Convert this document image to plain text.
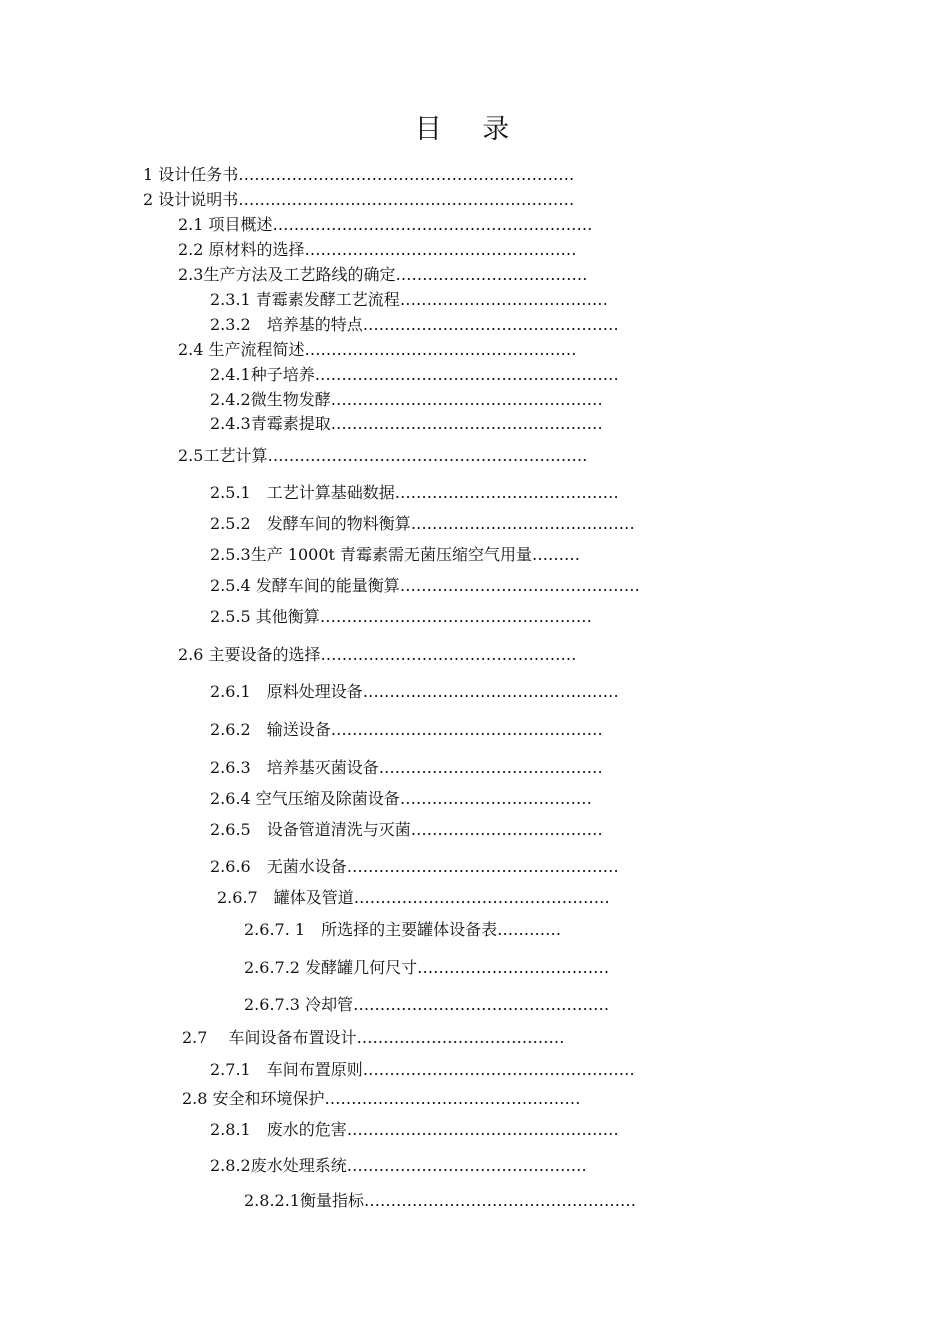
目 录
1 设计任务书………………………………………………………
2 设计说明书………………………………………………………
2.1 项目概述……………………………………………………
2.2 原材料的选择……………………………………………
2.3生产方法及工艺路线的确定………………………………
2.3.1 青霉素发酵工艺流程…………………………………
2.3.2　培养基的特点…………………………………………
2.4 生产流程简述……………………………………………
2.4.1种子培养…………………………………………………
2.4.2微生物发酵……………………………………………
2.4.3青霉素提取……………………………………………
2.5工艺计算……………………………………………………
2.5.1　工艺计算基础数据……………………………………
2.5.2　发酵车间的物料衡算……………………………………
2.5.3生产 1000t 青霉素需无菌压缩空气用量………
2.5.4 发酵车间的能量衡算………………………………………
2.5.5 其他衡算……………………………………………
2.6 主要设备的选择…………………………………………
2.6.1　原料处理设备…………………………………………
2.6.2　输送设备……………………………………………
2.6.3　培养基灭菌设备……………………………………
2.6.4 空气压缩及除菌设备………………………………
2.6.5　设备管道清洗与灭菌………………………………
2.6.6　无菌水设备……………………………………………
2.6.7　罐体及管道…………………………………………
2.6.7. 1　所选择的主要罐体设备表…………
2.6.7.2 发酵罐几何尺寸………………………………
2.6.7.3 冷却管…………………………………………
2.7　 车间设备布置设计…………………………………
2.7.1　车间布置原则……………………………………………
2.8 安全和环境保护…………………………………………
2.8.1　废水的危害……………………………………………
2.8.2废水处理系统………………………………………
2.8.2.1衡量指标……………………………………………
